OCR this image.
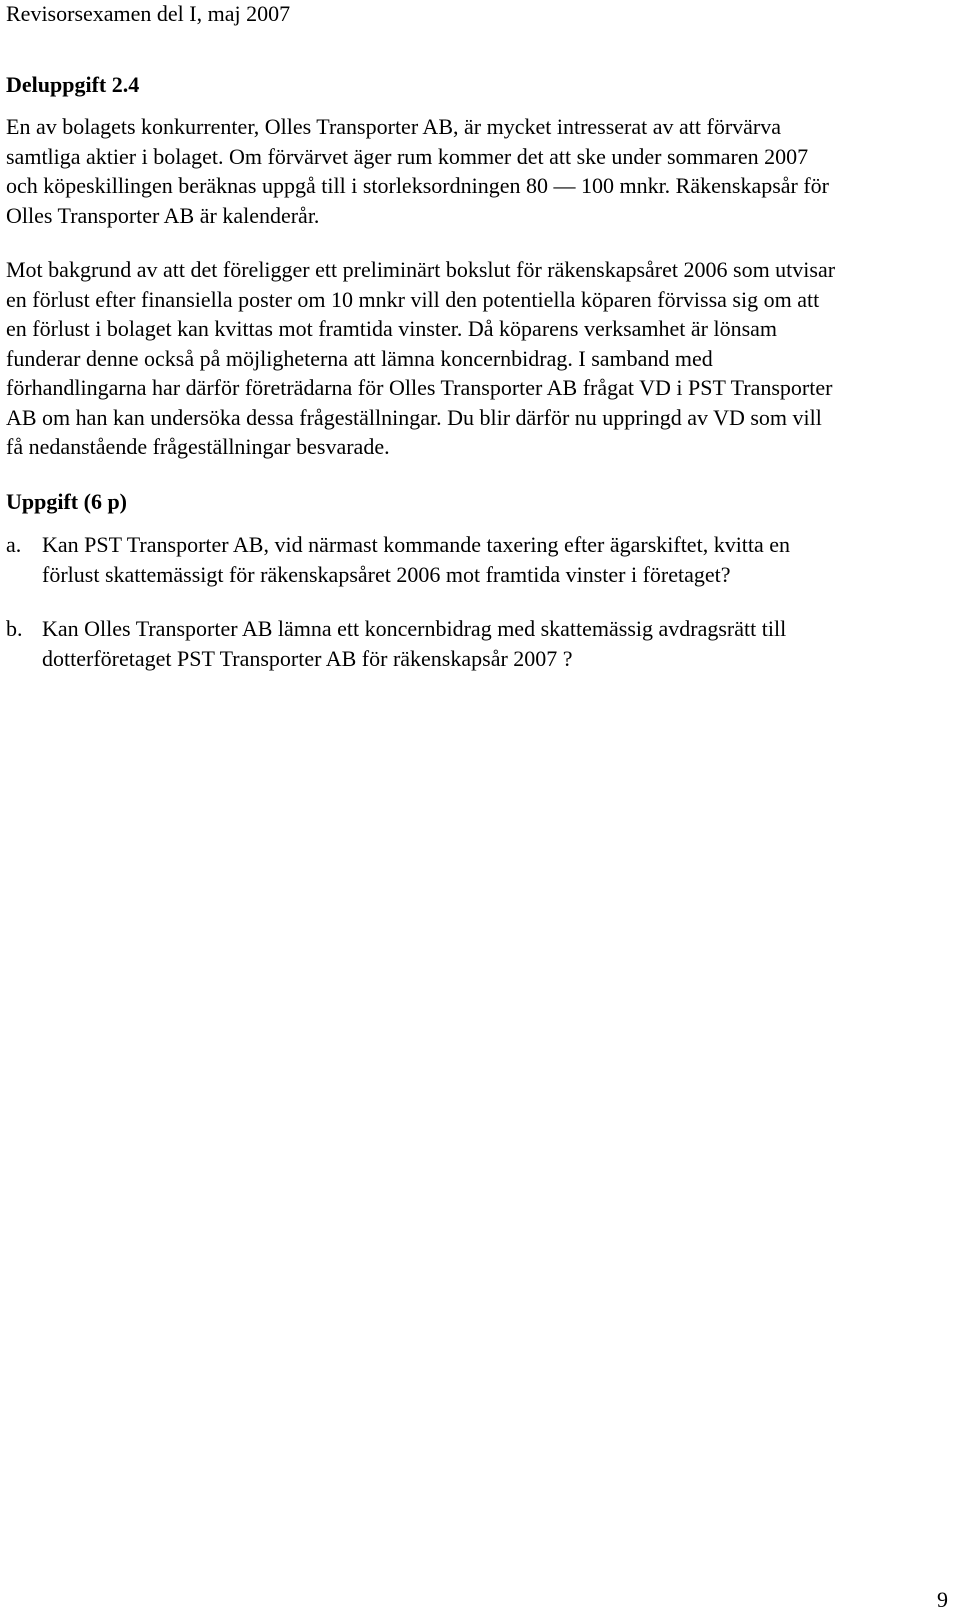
Revisorsexamen del I, maj 2007
Deluppgift 2.4
En av bolagets konkurrenter, Olles Transporter AB, är mycket intresserat av att förvärva
samtliga aktier i bolaget. Om förvärvet äger rum kommer det att ske under sommaren 2007
och köpeskillingen beräknas uppgå till i storleksordningen 80 — 100 mnkr. Räkenskapsår för
Olles Transporter AB är kalenderår.
Mot bakgrund av att det föreligger ett preliminärt bokslut för räkenskapsåret 2006 som utvisar
en förlust efter finansiella poster om 10 mnkr vill den potentiella köparen förvissa sig om att
en förlust i bolaget kan kvittas mot framtida vinster. Då köparens verksamhet är lönsam
funderar denne också på möjligheterna att lämna koncernbidrag. I samband med
förhandlingarna har därför företrädarna för Olles Transporter AB frågat VD i PST Transporter
AB om han kan undersöka dessa frågeställningar. Du blir därför nu uppringd av VD som vill
få nedanstående frågeställningar besvarade.
Uppgift (6 p)
a. Kan PST Transporter AB, vid närmast kommande taxering efter ägarskiftet, kvitta en
förlust skattemässigt för räkenskapsåret 2006 mot framtida vinster i företaget?
b. Kan Olles Transporter AB lämna ett koncernbidrag med skattemässig avdragsrätt till
dotterföretaget PST Transporter AB för räkenskapsår 2007 ?
9
